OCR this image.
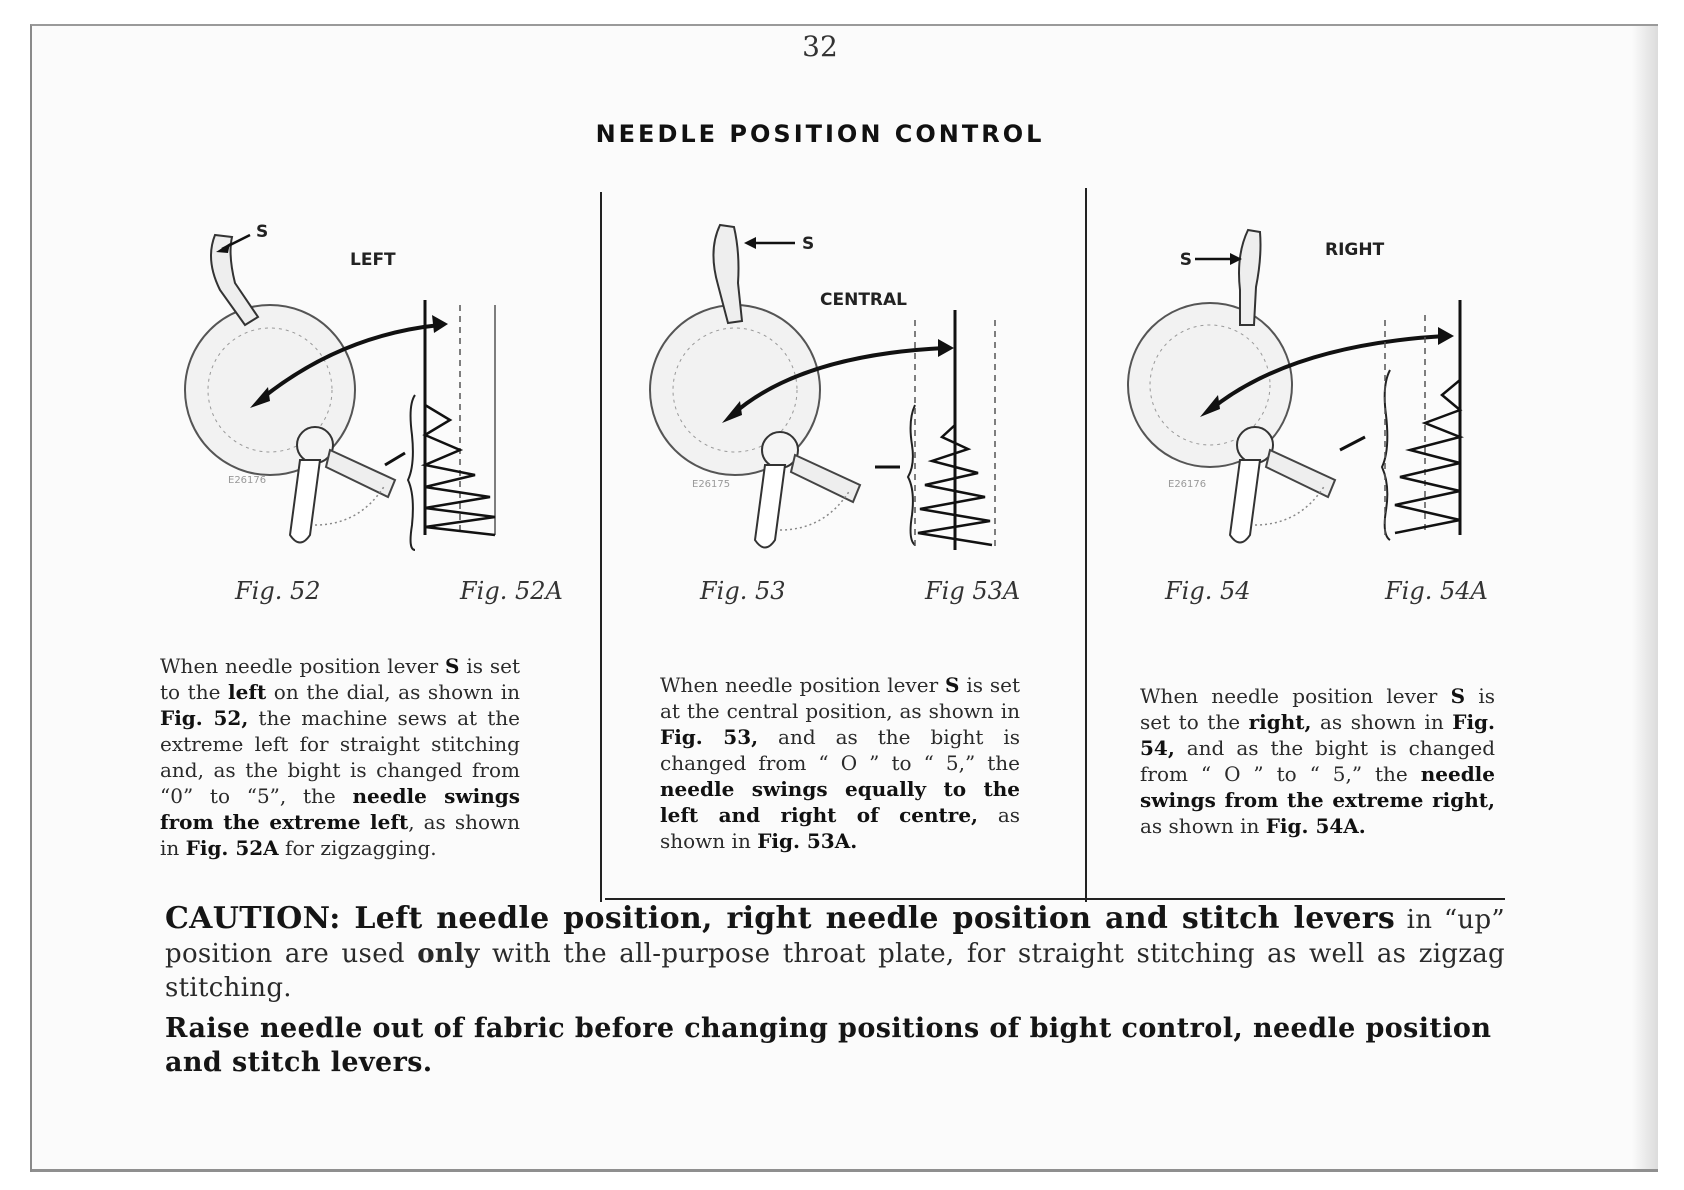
32
NEEDLE POSITION CONTROL
S
LEFT
E26176
Fig. 52	Fig. 52A
When needle position lever S is set to the left on the dial, as shown in Fig. 52, the machine sews at the extreme left for straight stitching and, as the bight is changed from “0” to “5”, the needle swings from the extreme left, as shown in Fig. 52A for zigzagging.
S
CENTRAL
E26175
Fig. 53	Fig 53A
When needle position lever S is set at the central position, as shown in Fig. 53, and as the bight is changed from “ O ” to “ 5,” the needle swings equally to the left and right of centre, as shown in Fig. 53A.
S	RIGHT
E26176
Fig. 54	Fig. 54A
When needle position lever S is set to the right, as shown in Fig. 54, and as the bight is changed from “ O ” to “ 5,” the needle swings from the extreme right, as shown in Fig. 54A.
CAUTION: Left needle position, right needle position and stitch levers in “up” position are used only with the all-purpose throat plate, for straight stitching as well as zigzag stitching.
Raise needle out of fabric before changing positions of bight control, needle position and stitch levers.
